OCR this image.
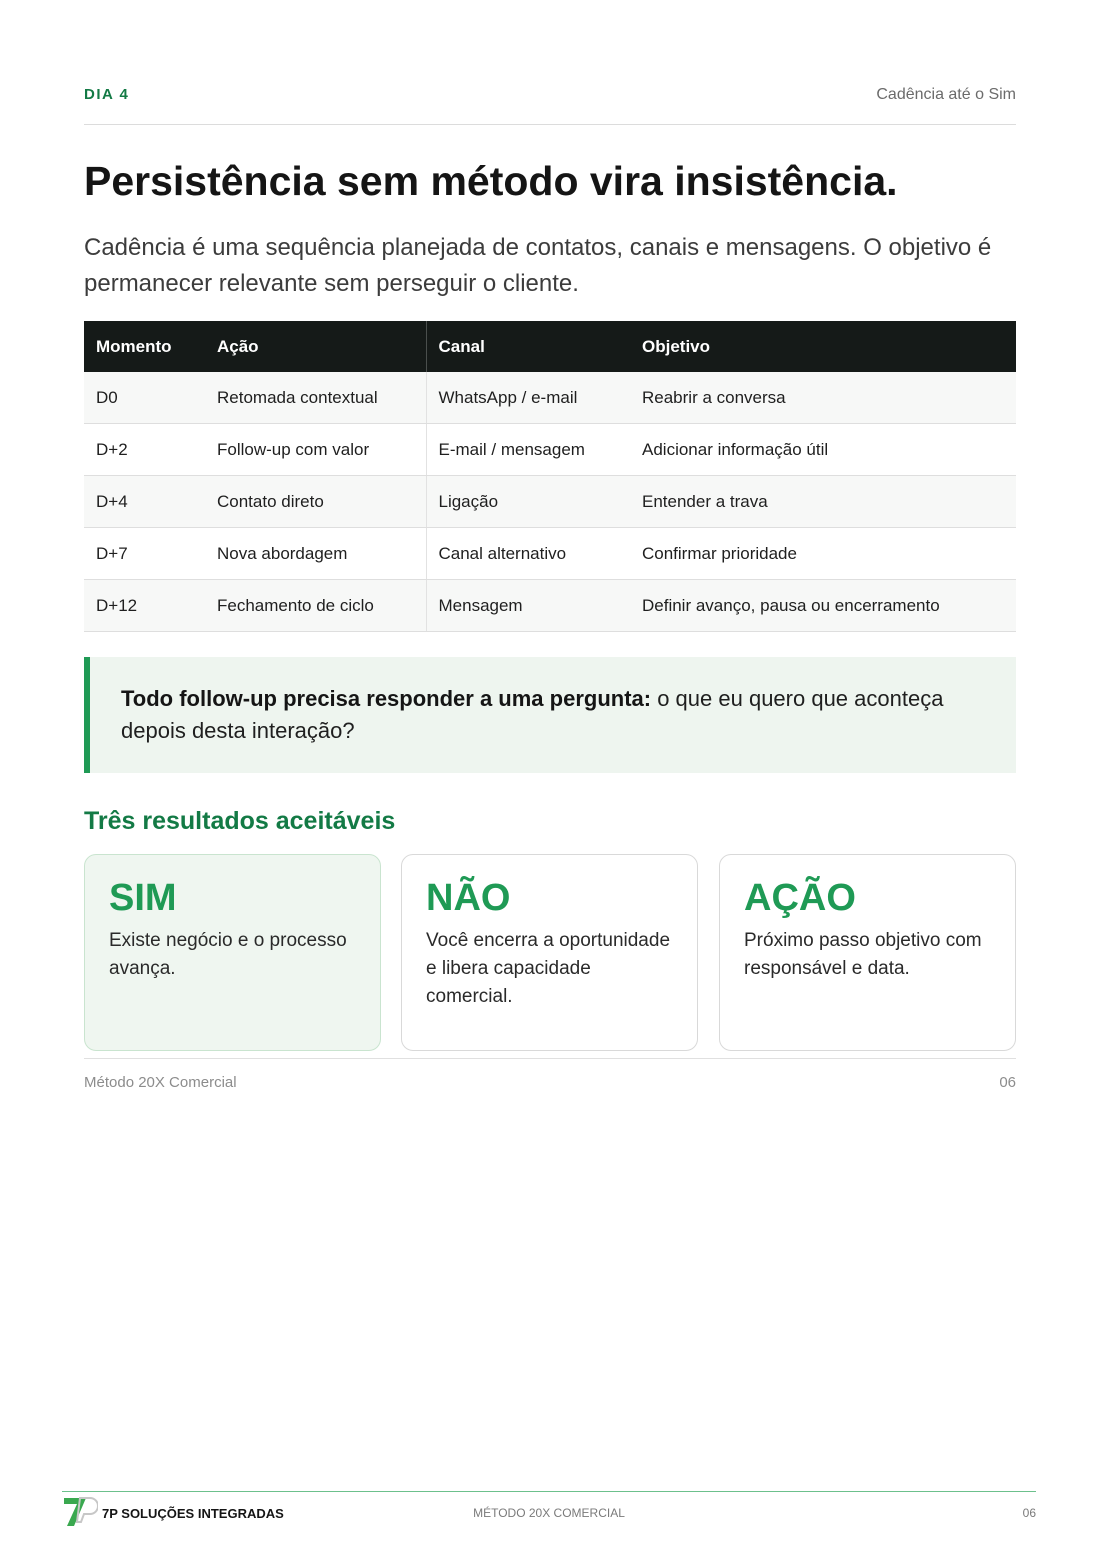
DIA 4	Cadência até o Sim
Persistência sem método vira insistência.

Cadência é uma sequência planejada de contatos, canais e mensagens. O objetivo é permanecer relevante sem perseguir o cliente.

Momento	Ação	Canal	Objetivo
D0	Retomada contextual	WhatsApp / e-mail	Reabrir a conversa
D+2	Follow-up com valor	E-mail / mensagem	Adicionar informação útil
D+4	Contato direto	Ligação	Entender a trava
D+7	Nova abordagem	Canal alternativo	Confirmar prioridade
D+12	Fechamento de ciclo	Mensagem	Definir avanço, pausa ou encerramento

Todo follow-up precisa responder a uma pergunta: o que eu quero que aconteça depois desta interação?

Três resultados aceitáveis
SIM

Existe negócio e o processo avança.

NÃO

Você encerra a oportunidade e libera capacidade comercial.

AÇÃO

Próximo passo objetivo com responsável e data.

Método 20X Comercial	06
7P SOLUÇÕES INTEGRADAS	MÉTODO 20X COMERCIAL	06
